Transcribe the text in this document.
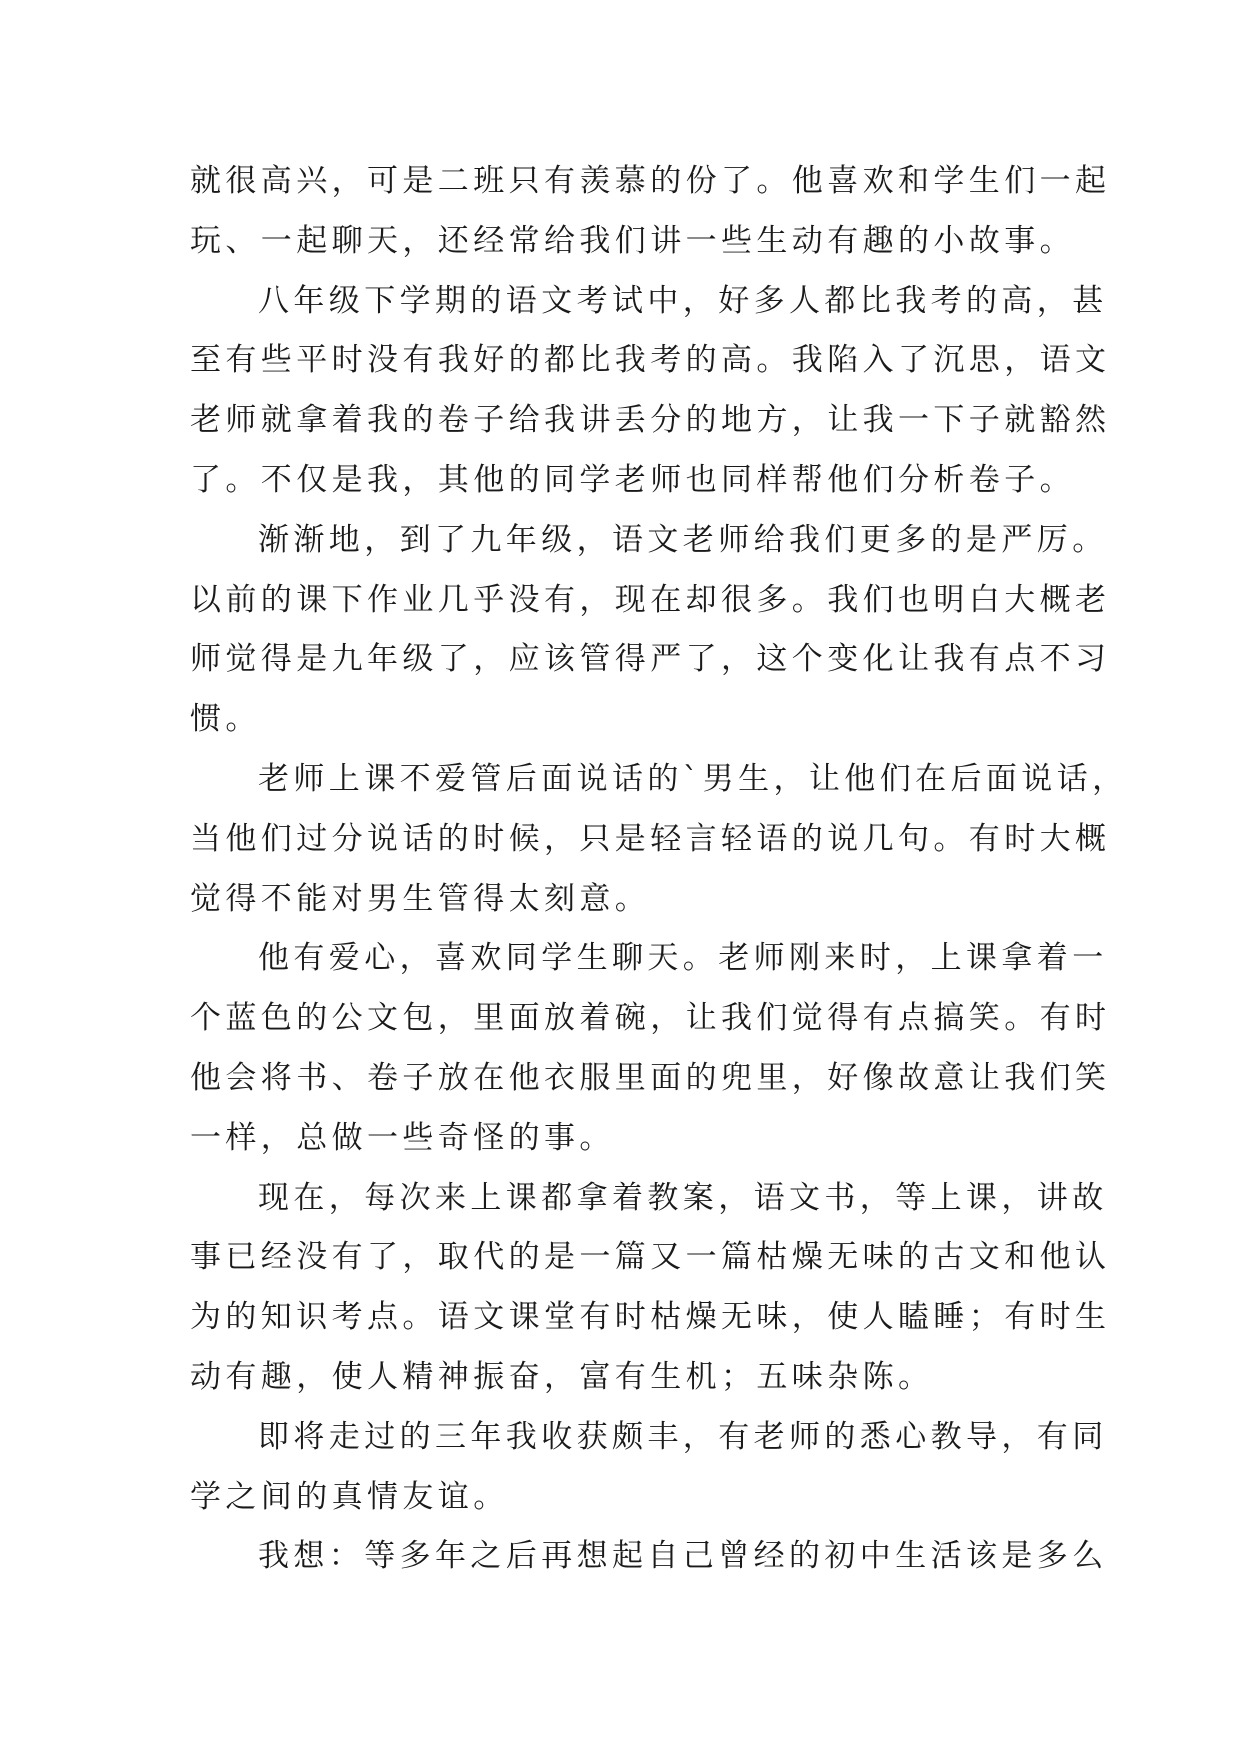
就很高兴，可是二班只有羡慕的份了。他喜欢和学生们一起
玩、一起聊天，还经常给我们讲一些生动有趣的小故事。
八年级下学期的语文考试中，好多人都比我考的高，甚
至有些平时没有我好的都比我考的高。我陷入了沉思，语文
老师就拿着我的卷子给我讲丢分的地方，让我一下子就豁然
了。不仅是我，其他的同学老师也同样帮他们分析卷子。
渐渐地，到了九年级，语文老师给我们更多的是严厉。
以前的课下作业几乎没有，现在却很多。我们也明白大概老
师觉得是九年级了，应该管得严了，这个变化让我有点不习
惯。
老师上课不爱管后面说话的`男生，让他们在后面说话，
当他们过分说话的时候，只是轻言轻语的说几句。有时大概
觉得不能对男生管得太刻意。
他有爱心，喜欢同学生聊天。老师刚来时，上课拿着一
个蓝色的公文包，里面放着碗，让我们觉得有点搞笑。有时
他会将书、卷子放在他衣服里面的兜里，好像故意让我们笑
一样，总做一些奇怪的事。
现在，每次来上课都拿着教案，语文书，等上课，讲故
事已经没有了，取代的是一篇又一篇枯燥无味的古文和他认
为的知识考点。语文课堂有时枯燥无味，使人瞌睡；有时生
动有趣，使人精神振奋，富有生机；五味杂陈。
即将走过的三年我收获颇丰，有老师的悉心教导，有同
学之间的真情友谊。
我想：等多年之后再想起自己曾经的初中生活该是多么
